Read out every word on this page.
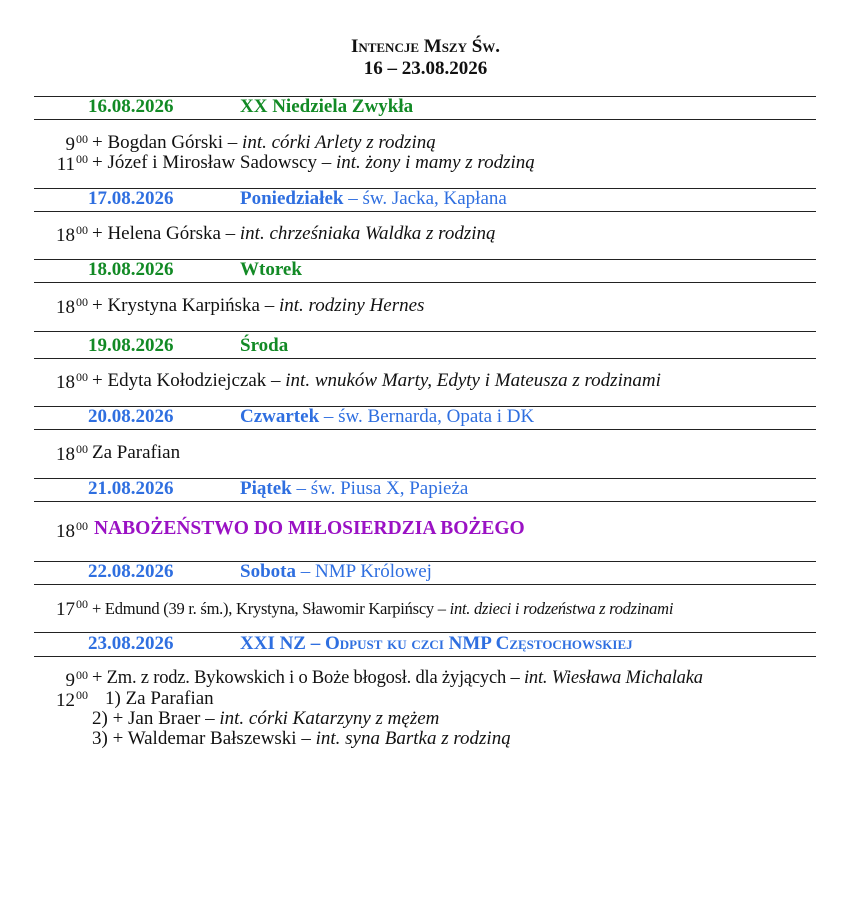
Intencje Mszy Św.
16 – 23.08.2026
16.08.2026	XX Niedziela Zwykła
$9^{00}$ + Bogdan Górski – int. córki Arlety z rodziną
$11^{00}$ + Józef i Mirosław Sadowscy – int. żony i mamy z rodziną
17.08.2026	Poniedziałek – św. Jacka, Kapłana
$18^{00}$ + Helena Górska – int. chrześniaka Waldka z rodziną
18.08.2026	Wtorek
$18^{00}$ + Krystyna Karpińska – int. rodziny Hernes
19.08.2026	Środa
$18^{00}$ + Edyta Kołodziejczak – int. wnuków Marty, Edyty i Mateusza z rodzinami
20.08.2026	Czwartek – św. Bernarda, Opata i DK
$18^{00}$ Za Parafian
21.08.2026	Piątek – św. Piusa X, Papieża
$18^{00}$ NABOŻEŃSTWO DO MIŁOSIERDZIA BOŻEGO
22.08.2026	Sobota – NMP Królowej
$17^{00}$ + Edmund (39 r. śm.), Krystyna, Sławomir Karpińscy – int. dzieci i rodzeństwa z rodzinami
23.08.2026	XXI NZ – Odpust ku czci NMP Częstochowskiej
$9^{00} + Zm$. z rodz. Bykowskich i o Boże błogosł. dla żyjących – int. Wiesława Michalaka
$12^{00}$ 1) Za Parafian
2) + Jan Braer – int. córki Katarzyny z mężem
3) + Waldemar Bałszewski – int. syna Bartka z rodziną
